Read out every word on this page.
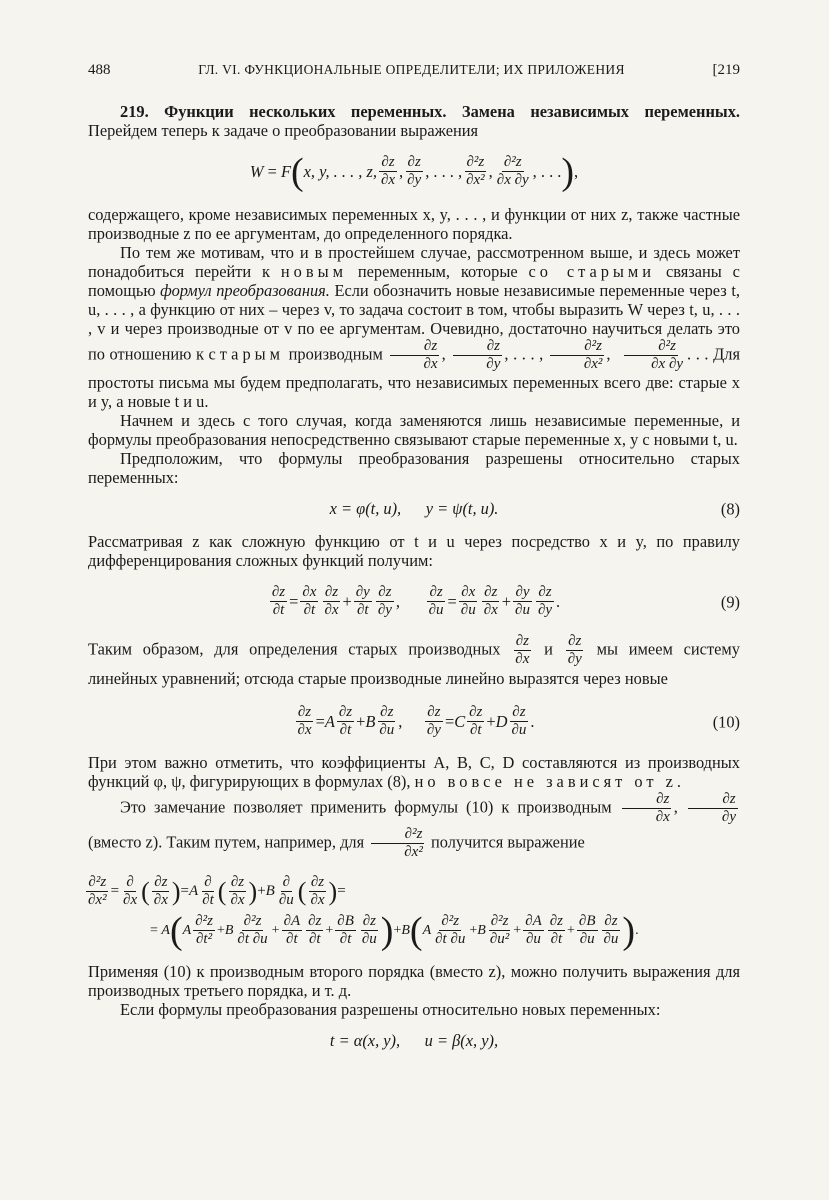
488	ГЛ. VI. ФУНКЦИОНАЛЬНЫЕ ОПРЕДЕЛИТЕЛИ; ИХ ПРИЛОЖЕНИЯ	[219

219. Функции нескольких переменных. Замена независимых переменных. Перейдем теперь к задаче о преобразовании выражения

W = F ( x, y, . . . , z, $\frac{\partial z}{\partial x}$ , $\frac{\partial z}{\partial y}$ , . . . , $\frac{\text{∂²z}}{\text{∂x²}}$ , $\frac{\text{∂²z}}{\partial x \partial y}$ , . . . ) ,

содержащего, кроме независимых переменных x, y, . . . , и функции от них z, также частные производные z по ее аргументам, до определенного порядка.

По тем же мотивам, что и в простейшем случае, рассмотренном выше, и здесь может понадобиться перейти к новым переменным, которые со старыми связаны с помощью формул преобразования. Если обозначить новые независимые переменные через t, u, . . . , а функцию от них – через v, то задача состоит в том, чтобы выразить W через t, u, . . . , v и через производные от v по ее аргументам. Очевидно, достаточно научиться делать это по отношению к старым производным $\frac{\partial z}{\partial x}$ , $\frac{\partial z}{\partial y}$ , . . . , $\frac{\text{∂²z}}{\text{∂x²}}$ , $\frac{\text{∂²z}}{\partial x \partial y}$ . . . Для простоты письма мы будем предполагать, что независимых переменных всего две: старые x и y, а новые t и u.

Начнем и здесь с того случая, когда заменяются лишь независимые переменные, и формулы преобразования непосредственно связывают старые переменные x, y с новыми t, u.

Предположим, что формулы преобразования разрешены относительно старых переменных:

x = φ(t, u),      y = ψ(t, u).	(8)

Рассматривая z как сложную функцию от t и u через посредство x и y, по правилу дифференцирования сложных функций получим:

$\frac{\partial z}{\partial t} = \frac{\partial x}{\partial t} \frac{\partial z}{\partial x} + \frac{\partial y}{\partial t} \frac{\partial z}{\partial y}$ , $\frac{\partial z}{\partial u} = \frac{\partial x}{\partial u} \frac{\partial z}{\partial x} + \frac{\partial y}{\partial u} \frac{\partial z}{\partial y}$ .	(9)

Таким образом, для определения старых производных $\frac{\partial z}{\partial x}$ и $\frac{\partial z}{\partial y}$ мы имеем систему линейных уравнений; отсюда старые производные линейно выразятся через новые

$\frac{\partial z}{\partial x} = A \frac{\partial z}{\partial t} + B \frac{\partial z}{\partial u}$ , $\frac{\partial z}{\partial y} = C \frac{\partial z}{\partial t} + D \frac{\partial z}{\partial u}$ .	(10)

При этом важно отметить, что коэффициенты A, B, C, D составляются из производных функций φ, ψ, фигурирующих в формулах (8), но вовсе не зависят от z.

Это замечание позволяет применить формулы (10) к производным $\frac{\partial z}{\partial x}$ , $\frac{\partial z}{\partial y}$
(вместо z). Таким путем, например, для $\frac{\text{∂²z}}{\text{∂x²}}$ получится выражение

$\frac{\text{∂²z}}{\text{∂x²}} = \frac{\partial}{\partial x}$ ( $\frac{\partial z}{\partial x}$ ) = A $\frac{\partial}{\partial t}$ ( $\frac{\partial z}{\partial x}$ ) + B $\frac{\partial}{\partial u}$ ( $\frac{\partial z}{\partial x}$ ) =
= A ( A $\frac{\text{∂²z}}{\text{∂t²}} + B \frac{\text{∂²z}}{\partial t \partial u} + \frac{\partial A}{\partial t} \frac{\partial z}{\partial t} + \frac{\partial B}{\partial t} \frac{\partial z}{\partial u}$ ) + B ( A $\frac{\text{∂²z}}{\partial t \partial u} + B \frac{\text{∂²z}}{\text{∂u²}} + \frac{\partial A}{\partial u} \frac{\partial z}{\partial t} + \frac{\partial B}{\partial u} \frac{\partial z}{\partial u}$ ) .

Применяя (10) к производным второго порядка (вместо z), можно получить выражения для производных третьего порядка, и т. д.

Если формулы преобразования разрешены относительно новых переменных:

t = α(x, y),      u = β(x, y),
